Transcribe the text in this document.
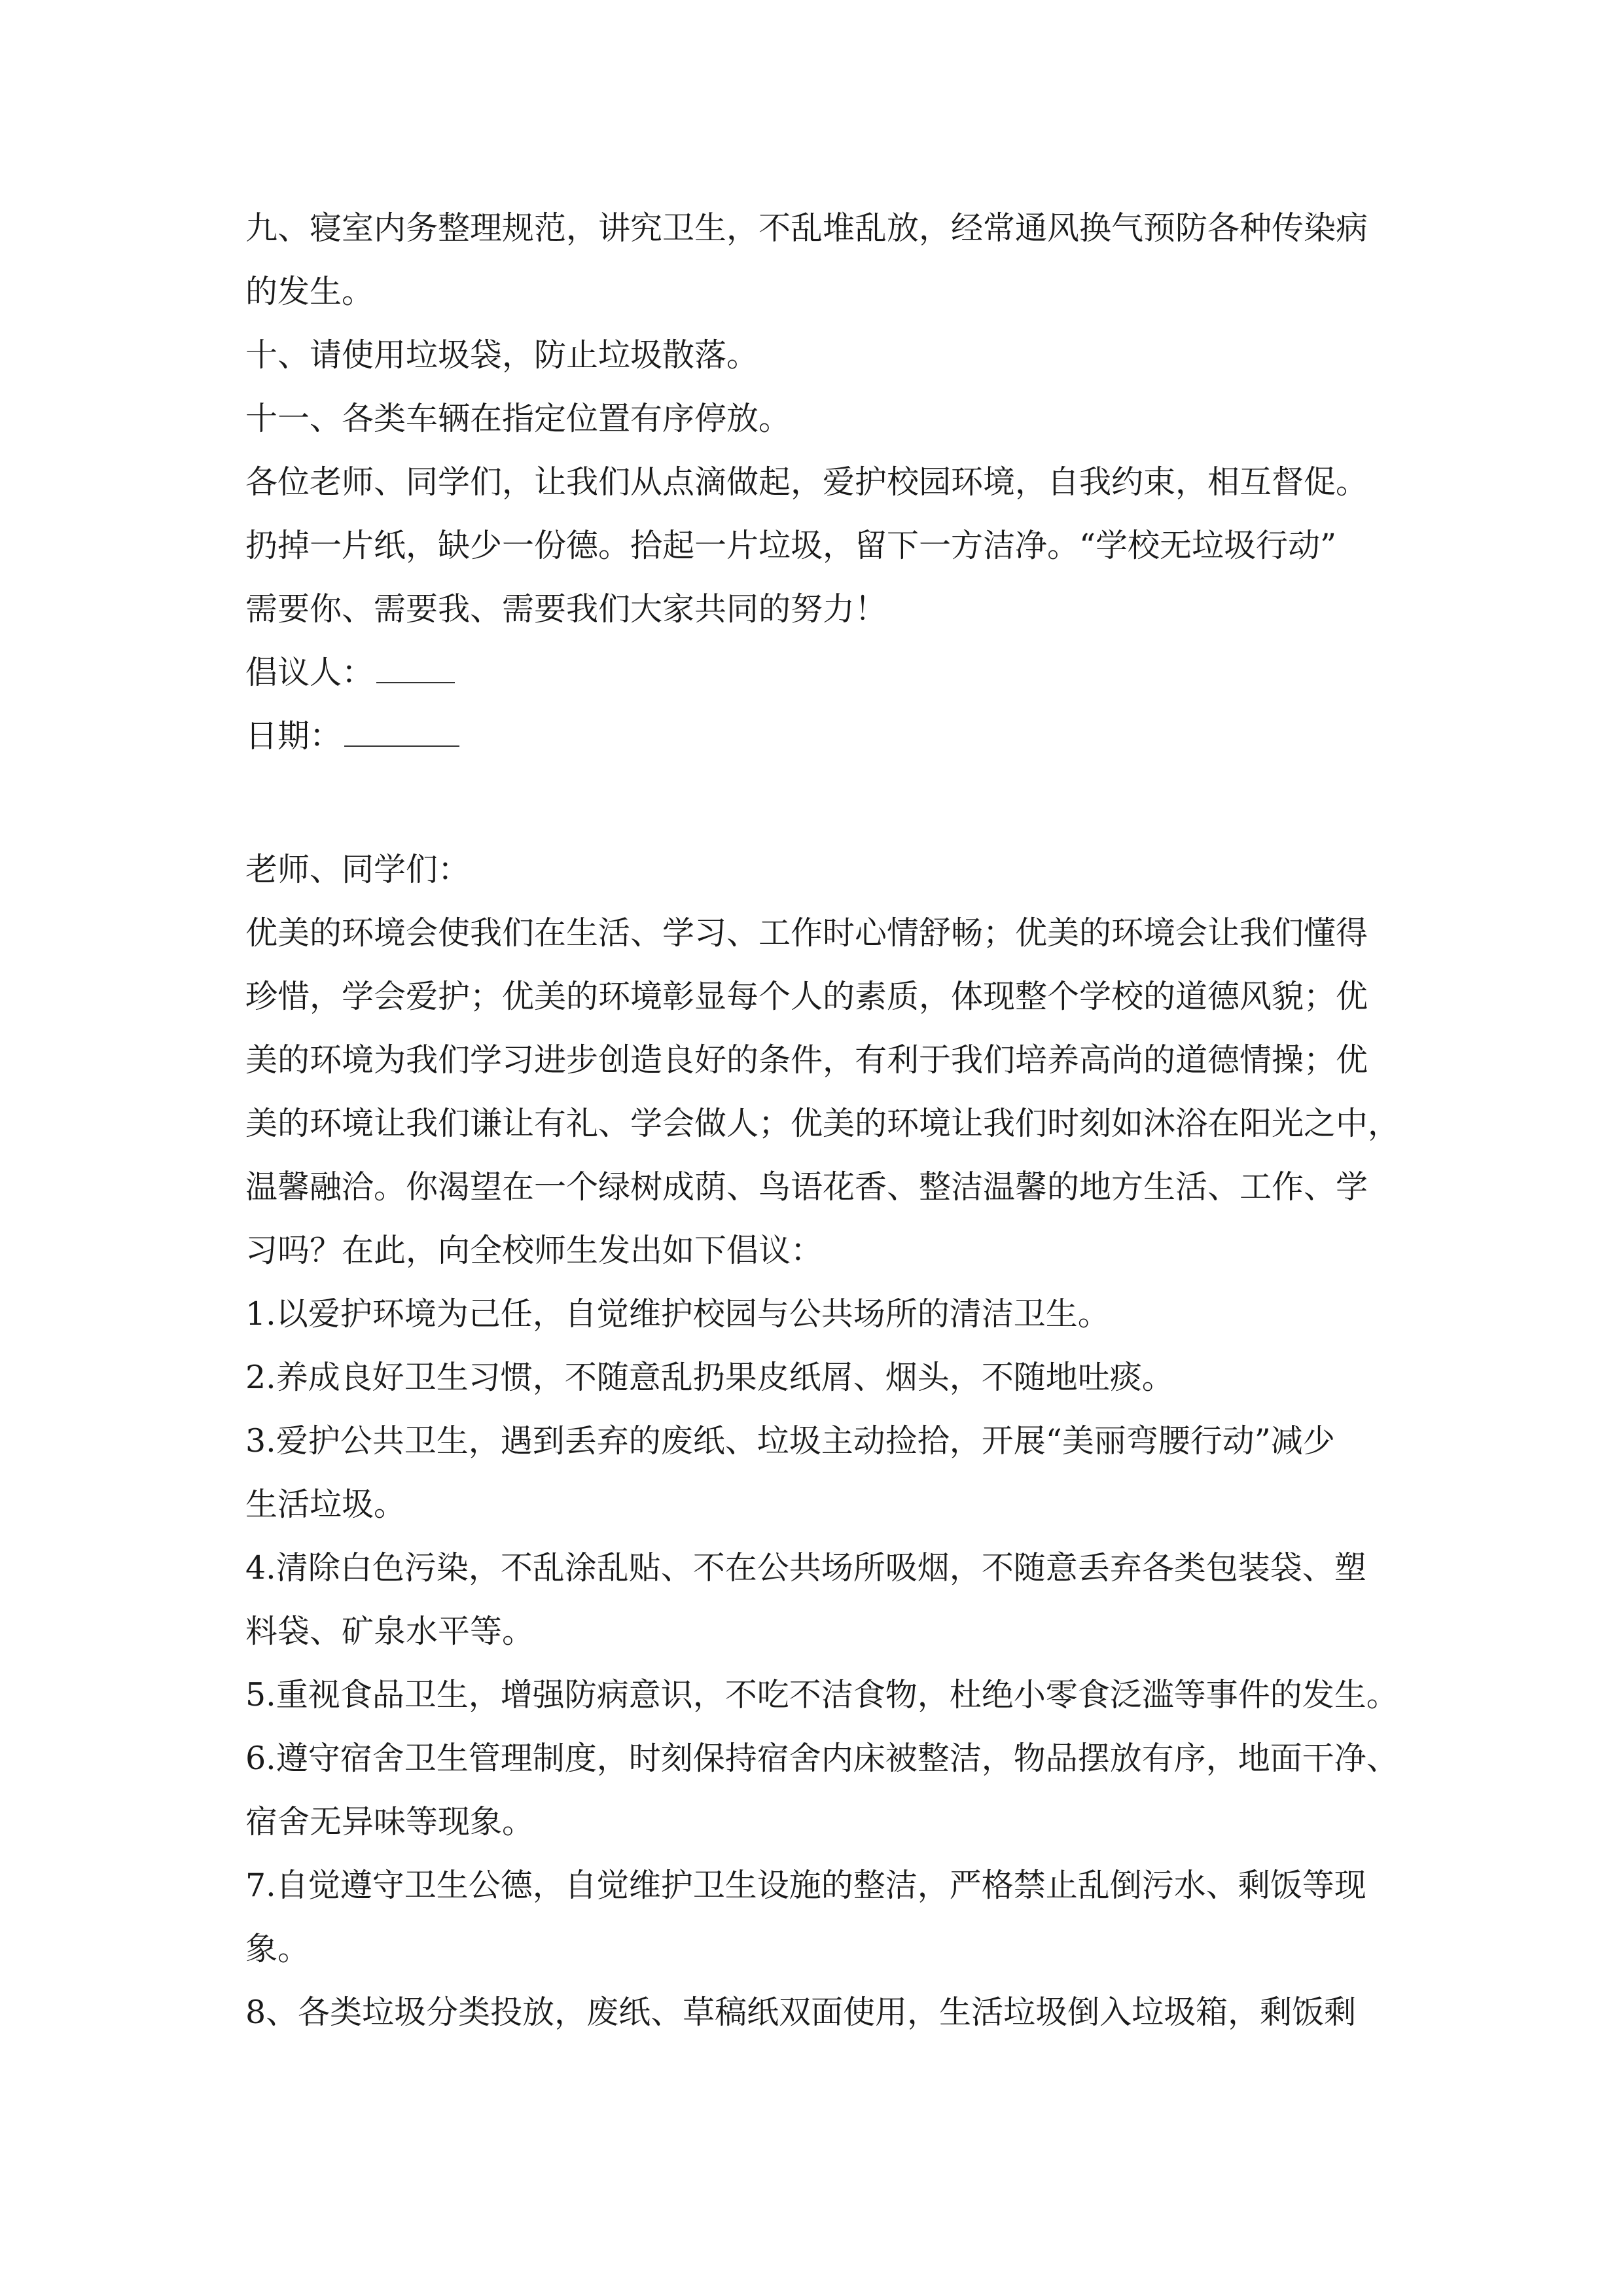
九、寝室内务整理规范，讲究卫生，不乱堆乱放，经常通风换气预防各种传染病
的发生。
十、请使用垃圾袋，防止垃圾散落。
十一、各类车辆在指定位置有序停放。
各位老师、同学们，让我们从点滴做起，爱护校园环境，自我约束，相互督促。
扔掉一片纸，缺少一份德。拾起一片垃圾，留下一方洁净。“学校无垃圾行动”
需要你、需要我、需要我们大家共同的努力！
倡议人：
日期：
老师、同学们：
优美的环境会使我们在生活、学习、工作时心情舒畅；优美的环境会让我们懂得
珍惜，学会爱护；优美的环境彰显每个人的素质，体现整个学校的道德风貌；优
美的环境为我们学习进步创造良好的条件，有利于我们培养高尚的道德情操；优
美的环境让我们谦让有礼、学会做人；优美的环境让我们时刻如沐浴在阳光之中，
温馨融洽。你渴望在一个绿树成荫、鸟语花香、整洁温馨的地方生活、工作、学
习吗？在此，向全校师生发出如下倡议：
1.以爱护环境为己任，自觉维护校园与公共场所的清洁卫生。
2.养成良好卫生习惯，不随意乱扔果皮纸屑、烟头，不随地吐痰。
3.爱护公共卫生，遇到丢弃的废纸、垃圾主动捡拾，开展“美丽弯腰行动”减少
生活垃圾。
4.清除白色污染，不乱涂乱贴、不在公共场所吸烟，不随意丢弃各类包装袋、塑
料袋、矿泉水平等。
5.重视食品卫生，增强防病意识，不吃不洁食物，杜绝小零食泛滥等事件的发生。
6.遵守宿舍卫生管理制度，时刻保持宿舍内床被整洁，物品摆放有序，地面干净、
宿舍无异味等现象。
7.自觉遵守卫生公德，自觉维护卫生设施的整洁，严格禁止乱倒污水、剩饭等现
象。
8、各类垃圾分类投放，废纸、草稿纸双面使用，生活垃圾倒入垃圾箱，剩饭剩
